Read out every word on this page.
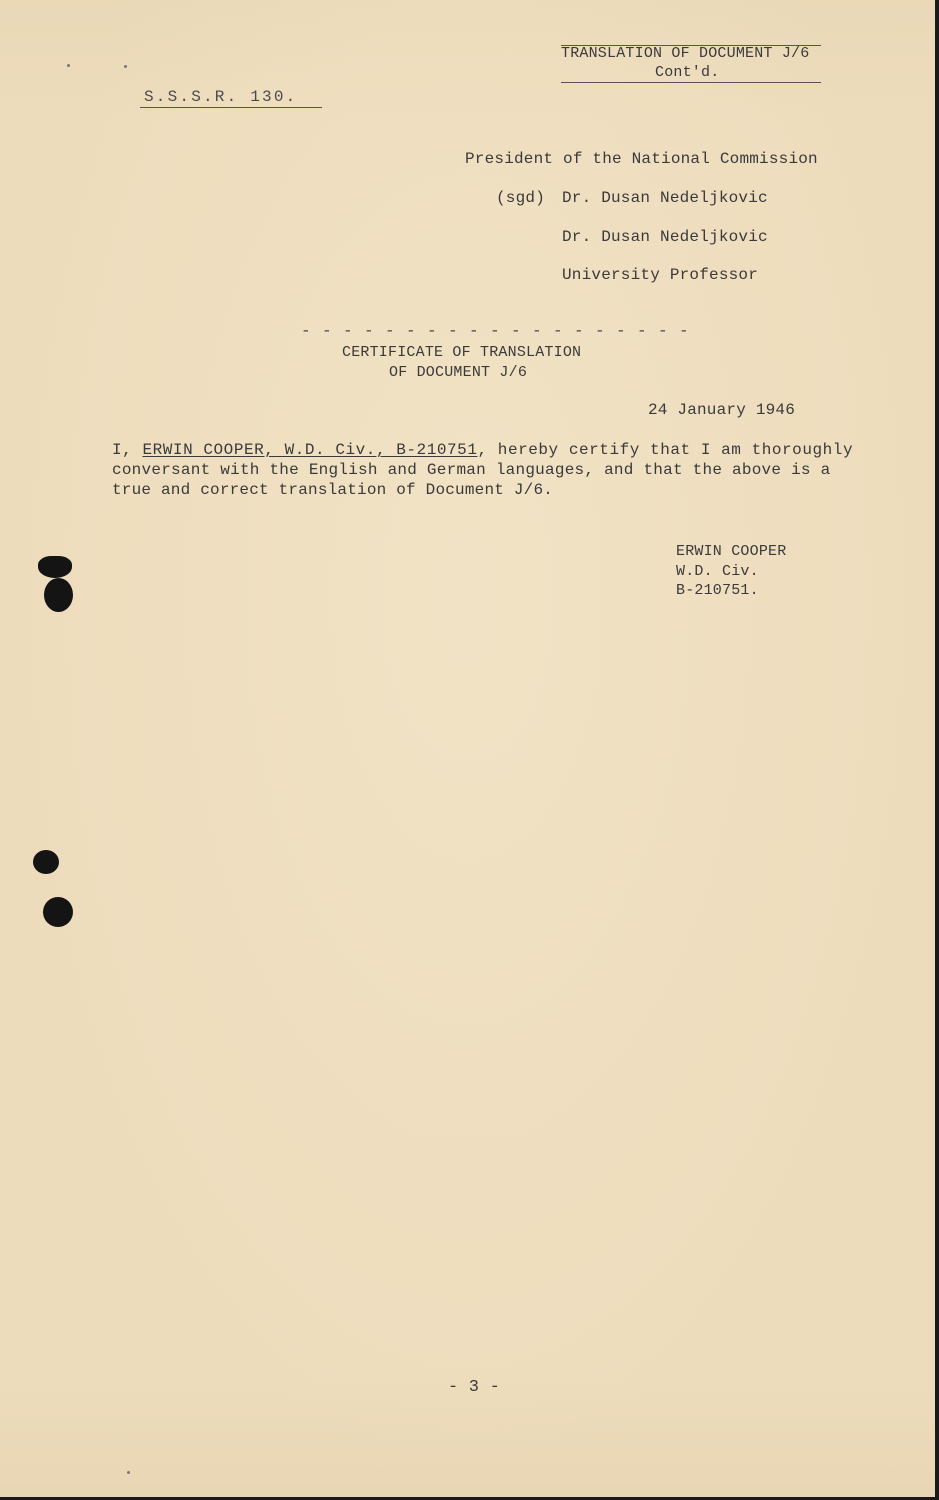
TRANSLATION OF DOCUMENT J/6
Cont'd.
S.S.S.R. 130.
President of the National Commission
(sgd) Dr. Dusan Nedeljkovic
Dr. Dusan Nedeljkovic
University Professor
- - - - - - - - - - - - - - - - - - -
CERTIFICATE OF TRANSLATION
OF DOCUMENT J/6
24 January 1946
I, ERWIN COOPER, W.D. Civ., B-210751, hereby certify that I am thoroughly
conversant with the English and German languages, and that the above is a
true and correct translation of Document J/6.
ERWIN COOPER
W.D. Civ.
B-210751.
- 3 -
